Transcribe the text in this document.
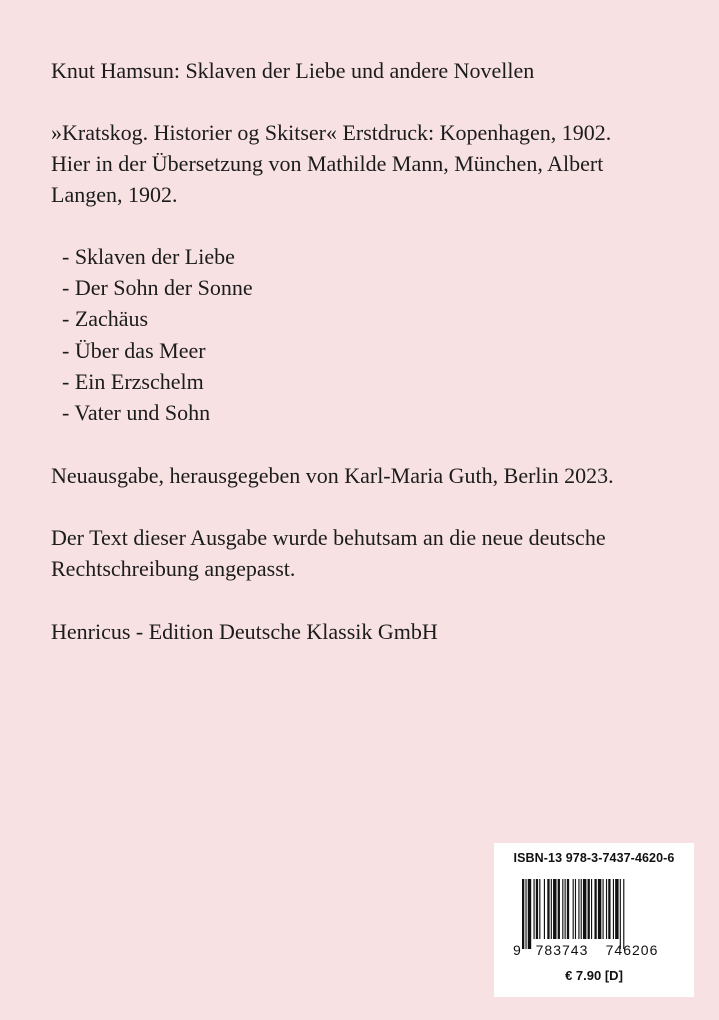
Knut Hamsun: Sklaven der Liebe und andere Novellen

»Kratskog. Historier og Skitser« Erstdruck: Kopenhagen, 1902.
Hier in der Übersetzung von Mathilde Mann, München, Albert
Langen, 1902.

- Sklaven der Liebe
- Der Sohn der Sonne
- Zachäus
- Über das Meer
- Ein Erzschelm
- Vater und Sohn

Neuausgabe, herausgegeben von Karl-Maria Guth, Berlin 2023.

Der Text dieser Ausgabe wurde behutsam an die neue deutsche
Rechtschreibung angepasst.

Henricus - Edition Deutsche Klassik GmbH

ISBN-13 978-3-7437-4620-6
9 783743 746206
€ 7.90 [D]
